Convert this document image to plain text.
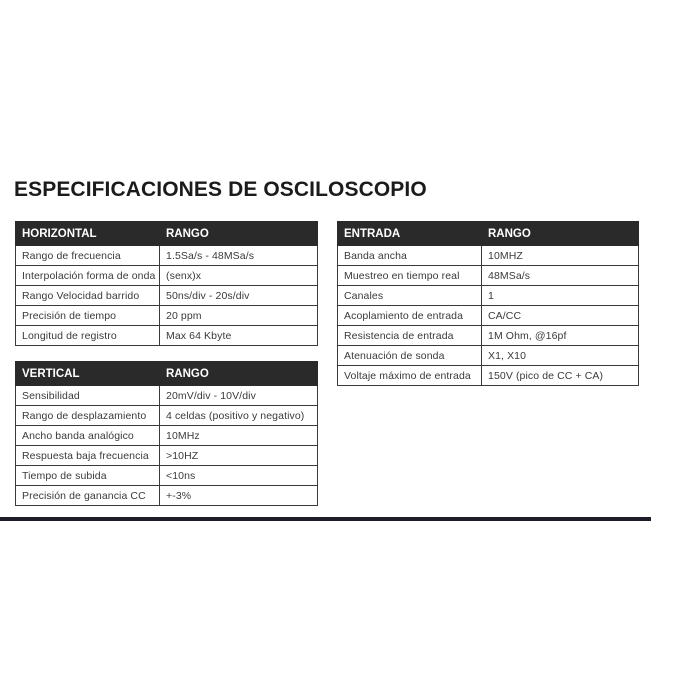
ESPECIFICACIONES DE OSCILOSCOPIO
HORIZONTAL	RANGO
Rango de frecuencia	1.5Sa/s - 48MSa/s
Interpolación forma de onda	(senx)x
Rango Velocidad barrido	50ns/div - 20s/div
Precisión de tiempo	20 ppm
Longitud de registro	Max 64 Kbyte
VERTICAL	RANGO
Sensibilidad	20mV/div - 10V/div
Rango de desplazamiento	4 celdas (positivo y negativo)
Ancho banda analógico	10MHz
Respuesta baja frecuencia	>10HZ
Tiempo de subida	<10ns
Precisión de ganancia CC	+-3%
ENTRADA	RANGO
Banda ancha	10MHZ
Muestreo en tiempo real	48MSa/s
Canales	1
Acoplamiento de entrada	CA/CC
Resistencia de entrada	1M Ohm, @16pf
Atenuación de sonda	X1, X10
Voltaje máximo de entrada	150V (pico de CC + CA)
